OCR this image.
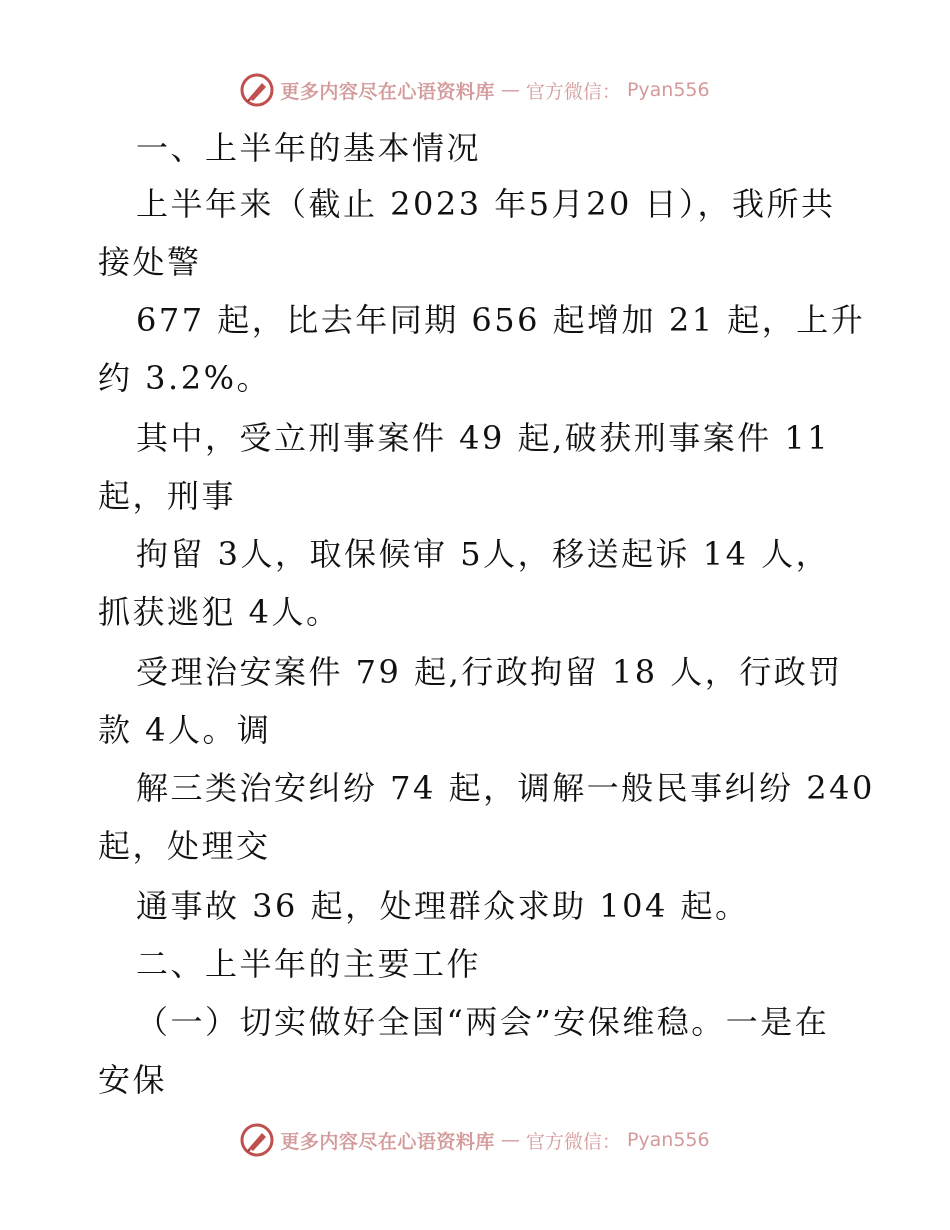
更多内容尽在心语资料库 — 官方微信： Pyan556
一、上半年的基本情况
上半年来（截止 2023 年5月20 日），我所共
接处警
677 起，比去年同期 656 起增加 21 起，上升
约 3.2%。
其中，受立刑事案件 49 起,破获刑事案件 11
起，刑事
拘留 3人，取保候审 5人，移送起诉 14 人，
抓获逃犯 4人。
受理治安案件 79 起,行政拘留 18 人，行政罚
款 4人。调
解三类治安纠纷 74 起，调解一般民事纠纷 240
起，处理交
通事故 36 起，处理群众求助 104 起。
二、上半年的主要工作
（一）切实做好全国“两会”安保维稳。一是在
安保
更多内容尽在心语资料库 — 官方微信： Pyan556
